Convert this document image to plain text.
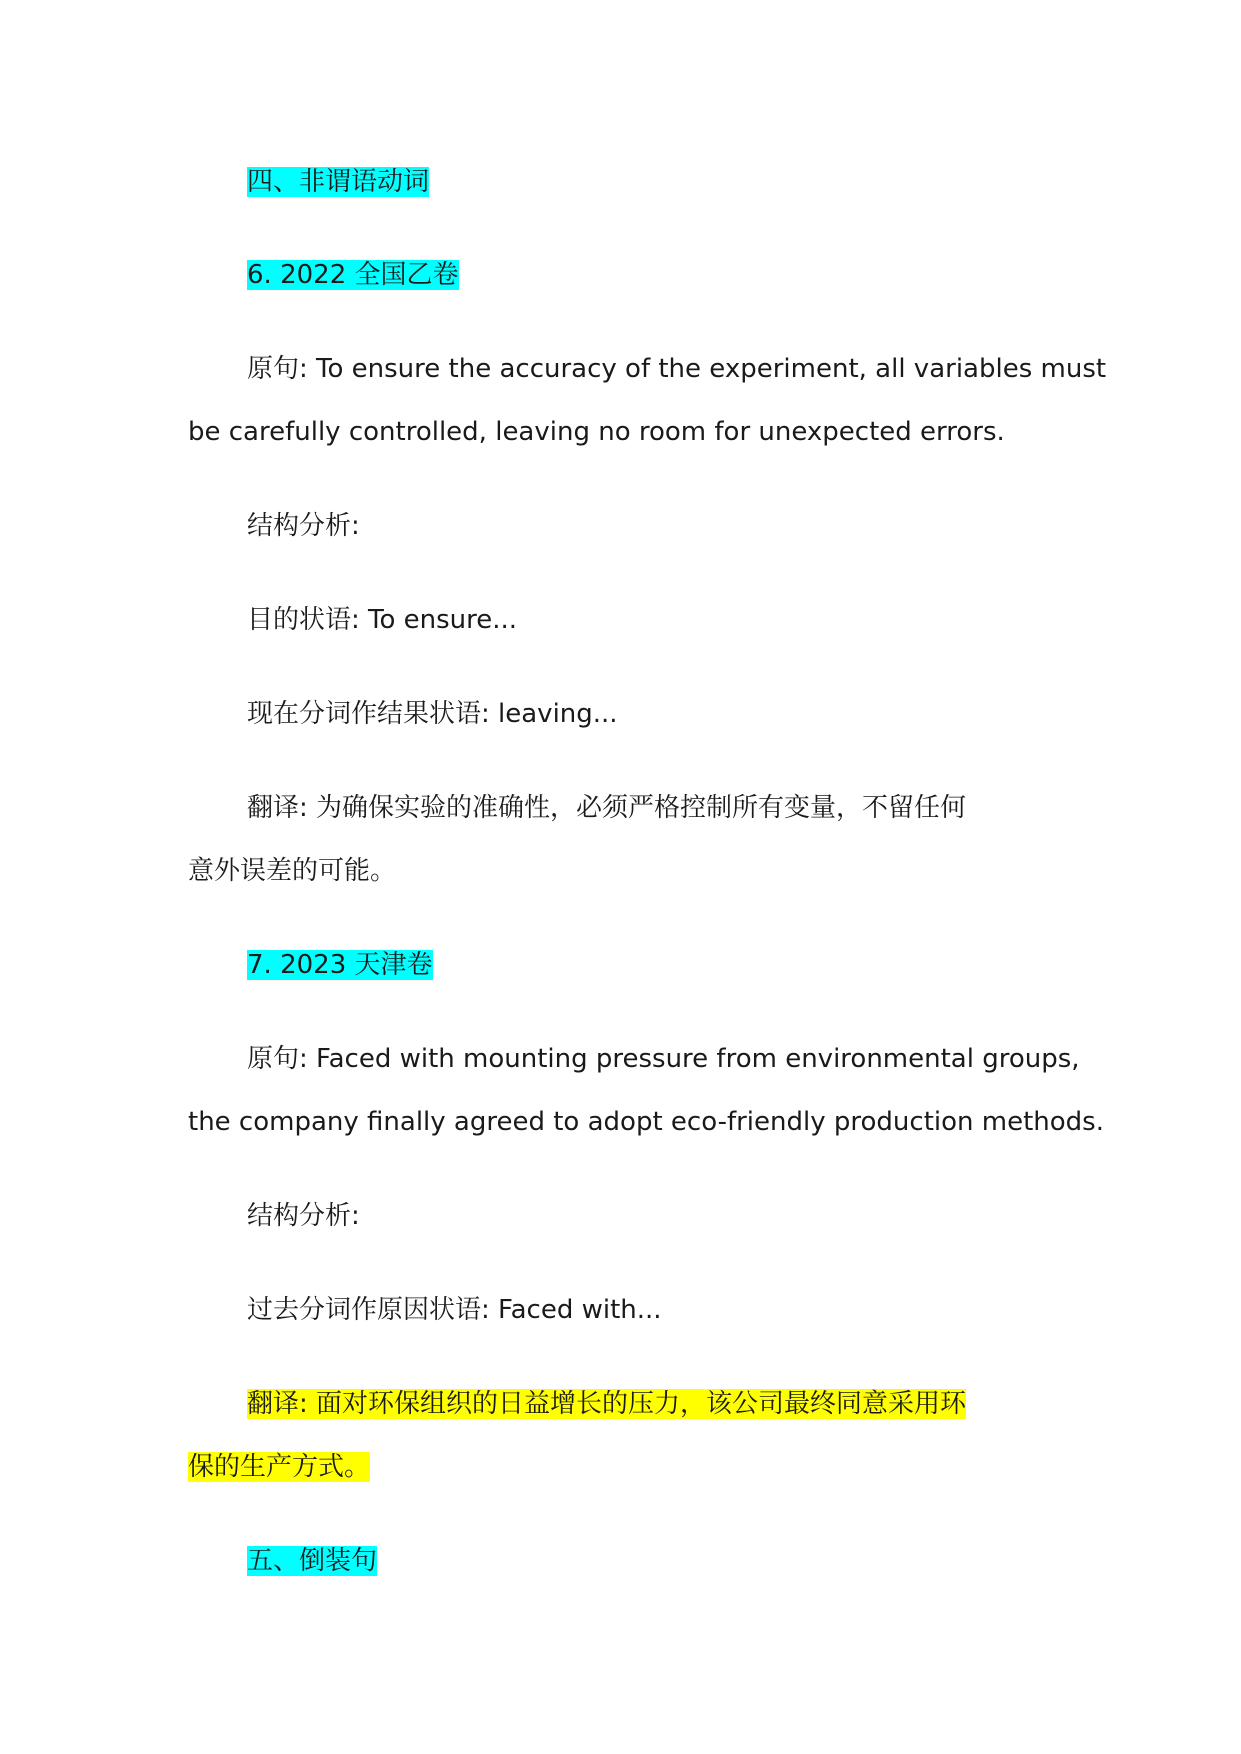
四、非谓语动词
6. 2022 全国乙卷
原句: To ensure the accuracy of the experiment, all variables must
be carefully controlled, leaving no room for unexpected errors.
结构分析:
目的状语: To ensure...
现在分词作结果状语: leaving...
翻译: 为确保实验的准确性，必须严格控制所有变量，不留任何
意外误差的可能。
7. 2023 天津卷
原句: Faced with mounting pressure from environmental groups,
the company finally agreed to adopt eco-friendly production methods.
结构分析:
过去分词作原因状语: Faced with...
翻译: 面对环保组织的日益增长的压力，该公司最终同意采用环
保的生产方式。
五、倒装句
